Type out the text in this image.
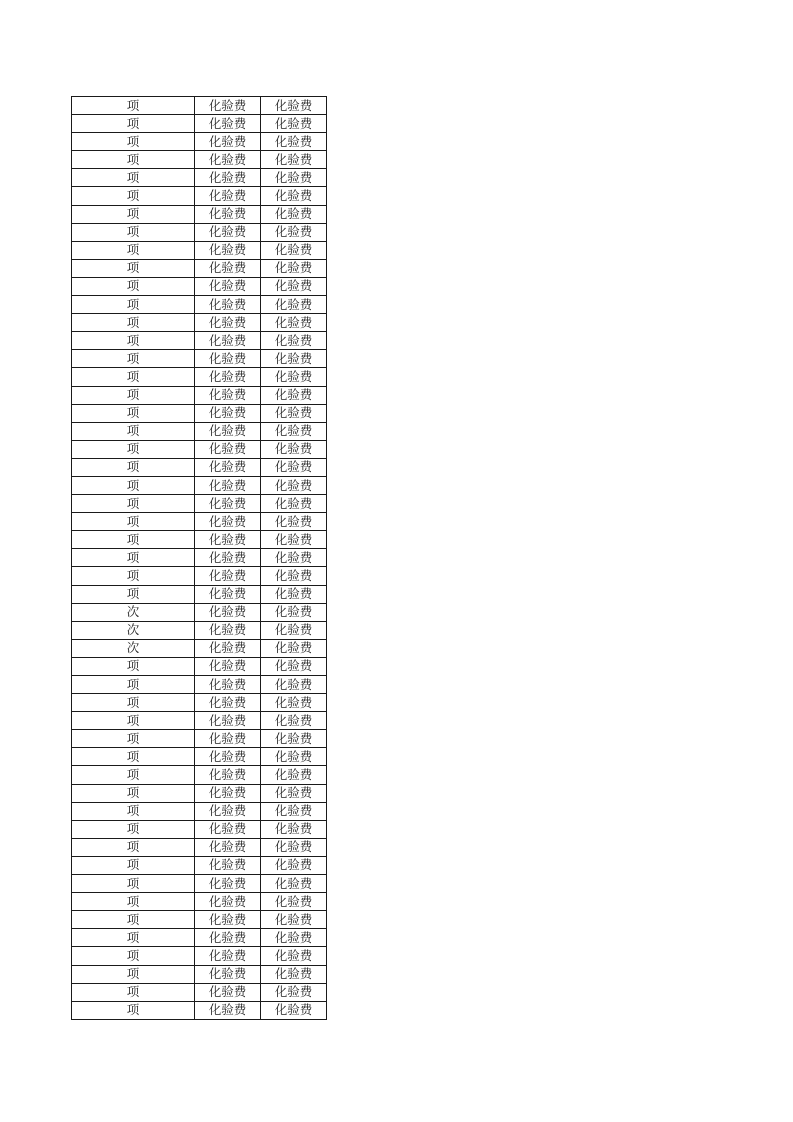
项	化验费	化验费
项	化验费	化验费
项	化验费	化验费
项	化验费	化验费
项	化验费	化验费
项	化验费	化验费
项	化验费	化验费
项	化验费	化验费
项	化验费	化验费
项	化验费	化验费
项	化验费	化验费
项	化验费	化验费
项	化验费	化验费
项	化验费	化验费
项	化验费	化验费
项	化验费	化验费
项	化验费	化验费
项	化验费	化验费
项	化验费	化验费
项	化验费	化验费
项	化验费	化验费
项	化验费	化验费
项	化验费	化验费
项	化验费	化验费
项	化验费	化验费
项	化验费	化验费
项	化验费	化验费
项	化验费	化验费
次	化验费	化验费
次	化验费	化验费
次	化验费	化验费
项	化验费	化验费
项	化验费	化验费
项	化验费	化验费
项	化验费	化验费
项	化验费	化验费
项	化验费	化验费
项	化验费	化验费
项	化验费	化验费
项	化验费	化验费
项	化验费	化验费
项	化验费	化验费
项	化验费	化验费
项	化验费	化验费
项	化验费	化验费
项	化验费	化验费
项	化验费	化验费
项	化验费	化验费
项	化验费	化验费
项	化验费	化验费
项	化验费	化验费
